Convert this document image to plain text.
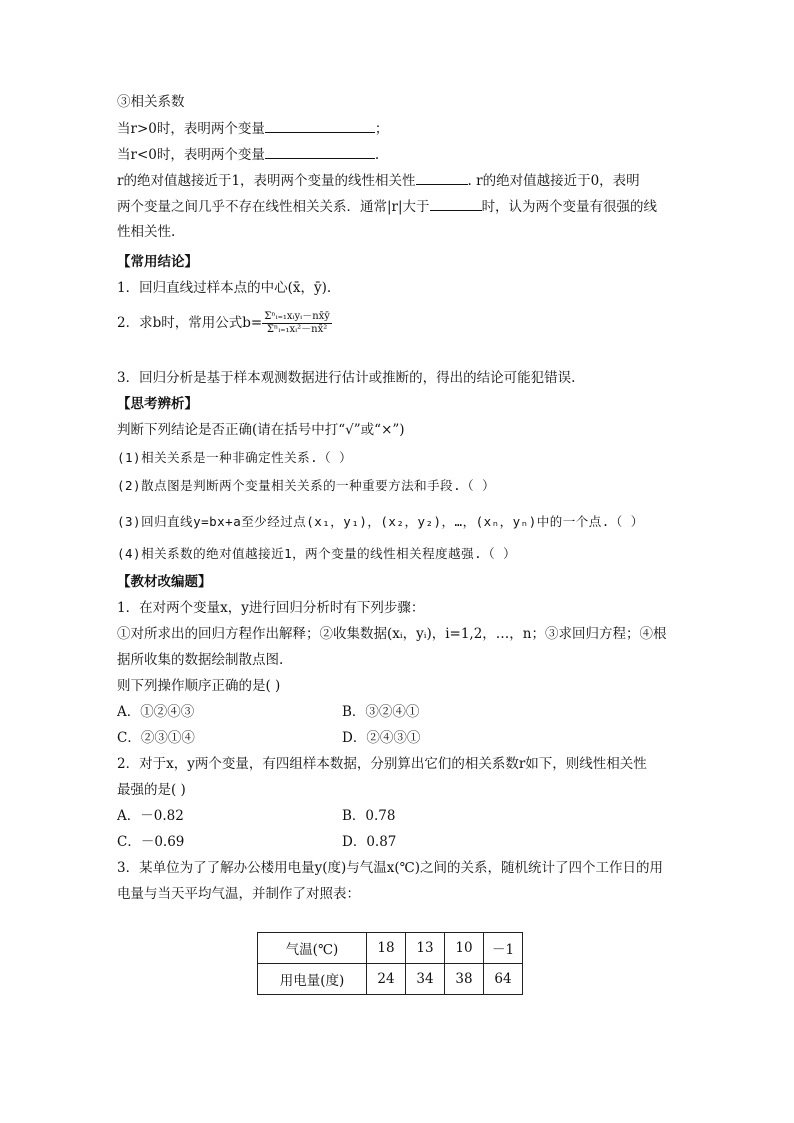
③相关系数
当r>0时，表明两个变量	；
当r<0时，表明两个变量	.
r的绝对值越接近于1，表明两个变量的线性相关性	. r的绝对值越接近于0，表明
两个变量之间几乎不存在线性相关关系．通常|r|大于	时，认为两个变量有很强的线
性相关性.
【常用结论】
1．回归直线过样本点的中心(x̄，ȳ).
2．求b时，常用公式$b= \frac{\text{Σⁿᵢ₌₁xᵢyᵢ－nx̄ȳ}}{\text{Σⁿᵢ₌₁xᵢ²－nx̄²}}$
3．回归分析是基于样本观测数据进行估计或推断的，得出的结论可能犯错误.
【思考辨析】
判断下列结论是否正确(请在括号中打“√”或“×”)
(1)相关关系是一种非确定性关系.（ ）
(2)散点图是判断两个变量相关关系的一种重要方法和手段.（ ）
(3)回归直线y=bx+a至少经过点(x₁，y₁)，(x₂，y₂)，…，(xₙ，yₙ)中的一个点.（ ）
(4)相关系数的绝对值越接近1，两个变量的线性相关程度越强.（ ）
【教材改编题】
1．在对两个变量x，y进行回归分析时有下列步骤：
①对所求出的回归方程作出解释；②收集数据(xᵢ，yᵢ)，i=1,2，…，n；③求回归方程；④根
据所收集的数据绘制散点图.
则下列操作顺序正确的是( )
A．①②④③	B．③②④①
C．②③①④	D．②④③①
2．对于x，y两个变量，有四组样本数据，分别算出它们的相关系数r如下，则线性相关性
最强的是( )
A．－0.82	B．0.78
C．－0.69	D．0.87
3．某单位为了了解办公楼用电量y(度)与气温x(℃)之间的关系，随机统计了四个工作日的用
电量与当天平均气温，并制作了对照表：
气温(℃)	18	13	10	－1
用电量(度)	24	34	38	64
